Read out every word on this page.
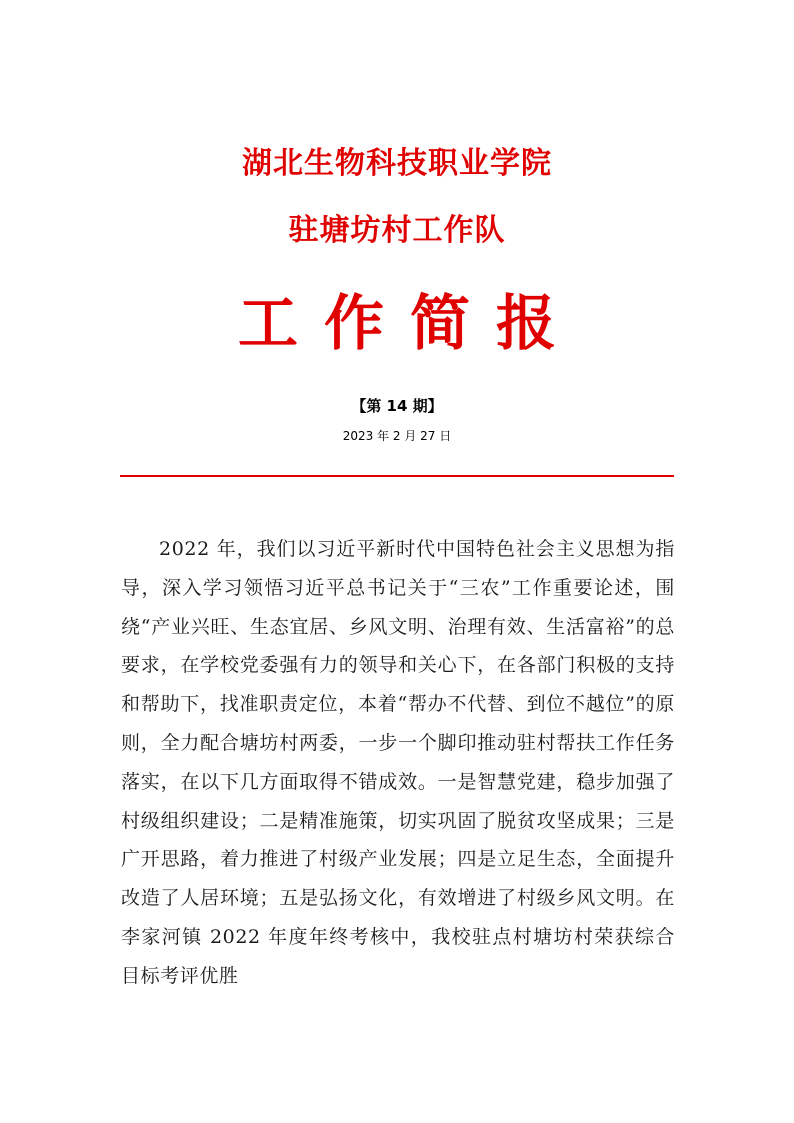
湖北生物科技职业学院
驻塘坊村工作队
工作简报
【第 14 期】
2023 年 2 月 27 日

2022 年，我们以习近平新时代中国特色社会主义思想为指导，深入学习领悟习近平总书记关于“三农”工作重要论述，围绕“产业兴旺、生态宜居、乡风文明、治理有效、生活富裕”的总要求，在学校党委强有力的领导和关心下，在各部门积极的支持和帮助下，找准职责定位，本着“帮办不代替、到位不越位”的原则，全力配合塘坊村两委，一步一个脚印推动驻村帮扶工作任务落实，在以下几方面取得不错成效。一是智慧党建，稳步加强了村级组织建设；二是精准施策，切实巩固了脱贫攻坚成果；三是广开思路，着力推进了村级产业发展；四是立足生态，全面提升改造了人居环境；五是弘扬文化，有效增进了村级乡风文明。在李家河镇 2022 年度年终考核中，我校驻点村塘坊村荣获综合目标考评优胜
